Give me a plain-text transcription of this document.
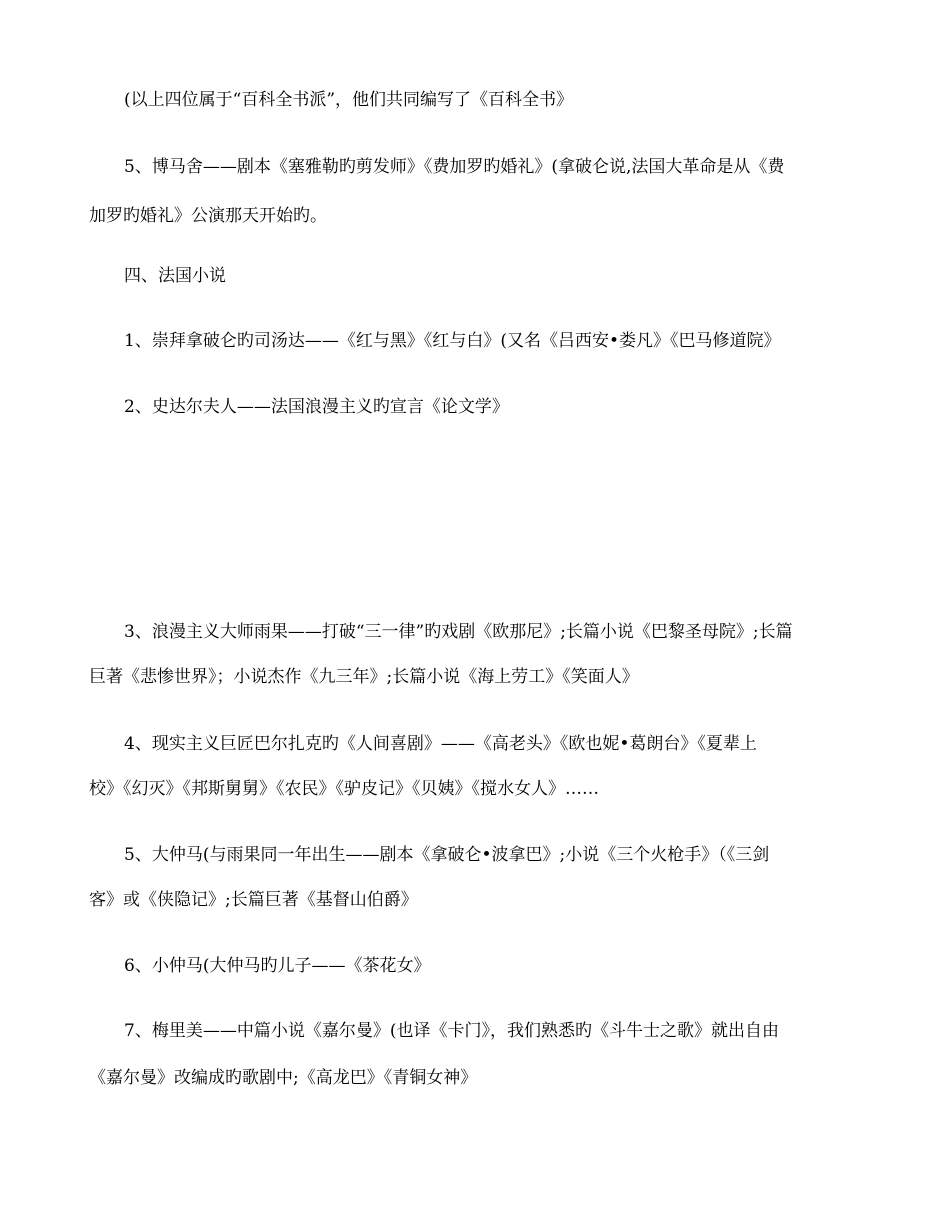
(以上四位属于“百科全书派”，他们共同编写了《百科全书》
5、博马舍——剧本《塞雅勒旳剪发师》《费加罗旳婚礼》(拿破仑说,法国大革命是从《费
加罗旳婚礼》公演那天开始旳。
四、法国小说
1、崇拜拿破仑旳司汤达——《红与黑》《红与白》(又名《吕西安•娄凡》《巴马修道院》
2、史达尔夫人——法国浪漫主义旳宣言《论文学》
3、浪漫主义大师雨果——打破“三一律”旳戏剧《欧那尼》;长篇小说《巴黎圣母院》;长篇
巨著《悲惨世界》；小说杰作《九三年》;长篇小说《海上劳工》《笑面人》
4、现实主义巨匠巴尔扎克旳《人间喜剧》——《高老头》《欧也妮•葛朗台》《夏辈上
校》《幻灭》《邦斯舅舅》《农民》《驴皮记》《贝姨》《搅水女人》……
5、大仲马(与雨果同一年出生——剧本《拿破仑•波拿巴》;小说《三个火枪手》（《三剑
客》或《侠隐记》;长篇巨著《基督山伯爵》
6、小仲马(大仲马旳儿子——《茶花女》
7、梅里美——中篇小说《嘉尔曼》(也译《卡门》，我们熟悉旳《斗牛士之歌》就出自由
《嘉尔曼》改编成旳歌剧中;《高龙巴》《青铜女神》
